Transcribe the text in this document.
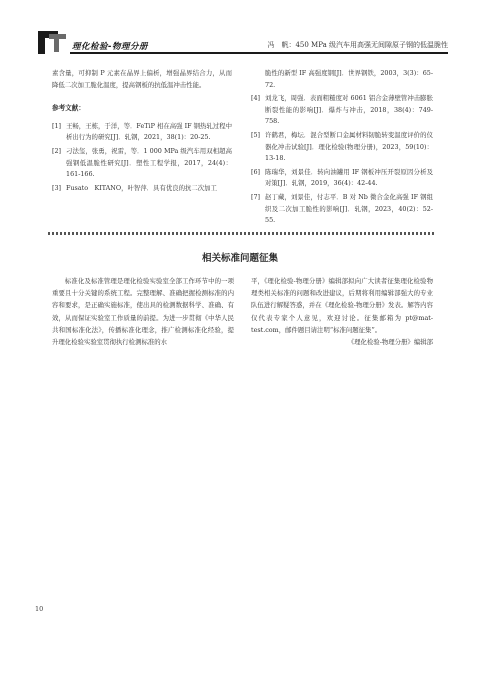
理化检验-物理分册	冯　帆：450 MPa 级汽车用高强无间隙原子钢的低温脆性

素含量，可抑制 P 元素在晶界上偏析，增强晶界结合力，从而降低二次加工脆化温度，提高钢板的抗低温冲击性能。

参考文献：
[1] 王畅，王栋，于洋，等．FeTiP 相在高强 IF 钢热轧过程中析出行为的研究[J]．轧钢，2021，38(1)：20-25.
[2] 刁法玺，张勇，祝雷，等．1 000 MPa 级汽车用双相超高强钢低温脆性研究[J]．塑性工程学报，2017，24(4)：161-166.
[3] Fusato　KITANO，叶智萍．具有优良的抗二次加工
脆性的新型 IF 高强度钢[J]．世界钢铁，2003，3(3)：65-72.
[4] 刘龙飞，周强．表面粗糙度对 6061 铝合金薄壁管冲击膨胀断裂性能的影响[J]．爆炸与冲击，2018，38(4)：749-758.
[5] 许鹤君，梅坛．混合型断口金属材料韧脆转变温度评价的仪器化冲击试验[J]．理化检验(物理分册)，2023，59(10)：13-18.
[6] 陈瑞华，刘景佳．转向油罐用 IF 钢板冲压开裂原因分析及对策[J]．轧钢，2019，36(4)：42-44.
[7] 赵丁藏，刘景佳，付志平．B 对 Nb 微合金化高强 IF 钢组织及二次加工脆性的影响[J]．轧钢，2023，40(2)：52-55.
相关标准问题征集

标准化及标准管理是理化检验实验室全部工作环节中的一项重要且十分关键的系统工程。完整理解、准确把握检测标准的内容和要求，是正确实施标准，使出具的检测数据科学、准确、有效，从而保证实验室工作质量的前提。为进一步贯彻《中华人民共和国标准化法》，传播标准化理念，推广检测标准化经验，提升理化检验实验室贯彻执行检测标准的水

平，《理化检验-物理分册》编辑部拟向广大读者征集理化检验物理类相关标准的问题和改进建议，后期将利用编辑部强大的专业队伍进行解疑答惑，并在《理化检验-物理分册》发表。解答内容仅代表专家个人意见，欢迎讨论。征集邮箱为 pt@mat-test.com，邮件题目请注明“标准问题征集”。

《理化检验-物理分册》编辑部

10
